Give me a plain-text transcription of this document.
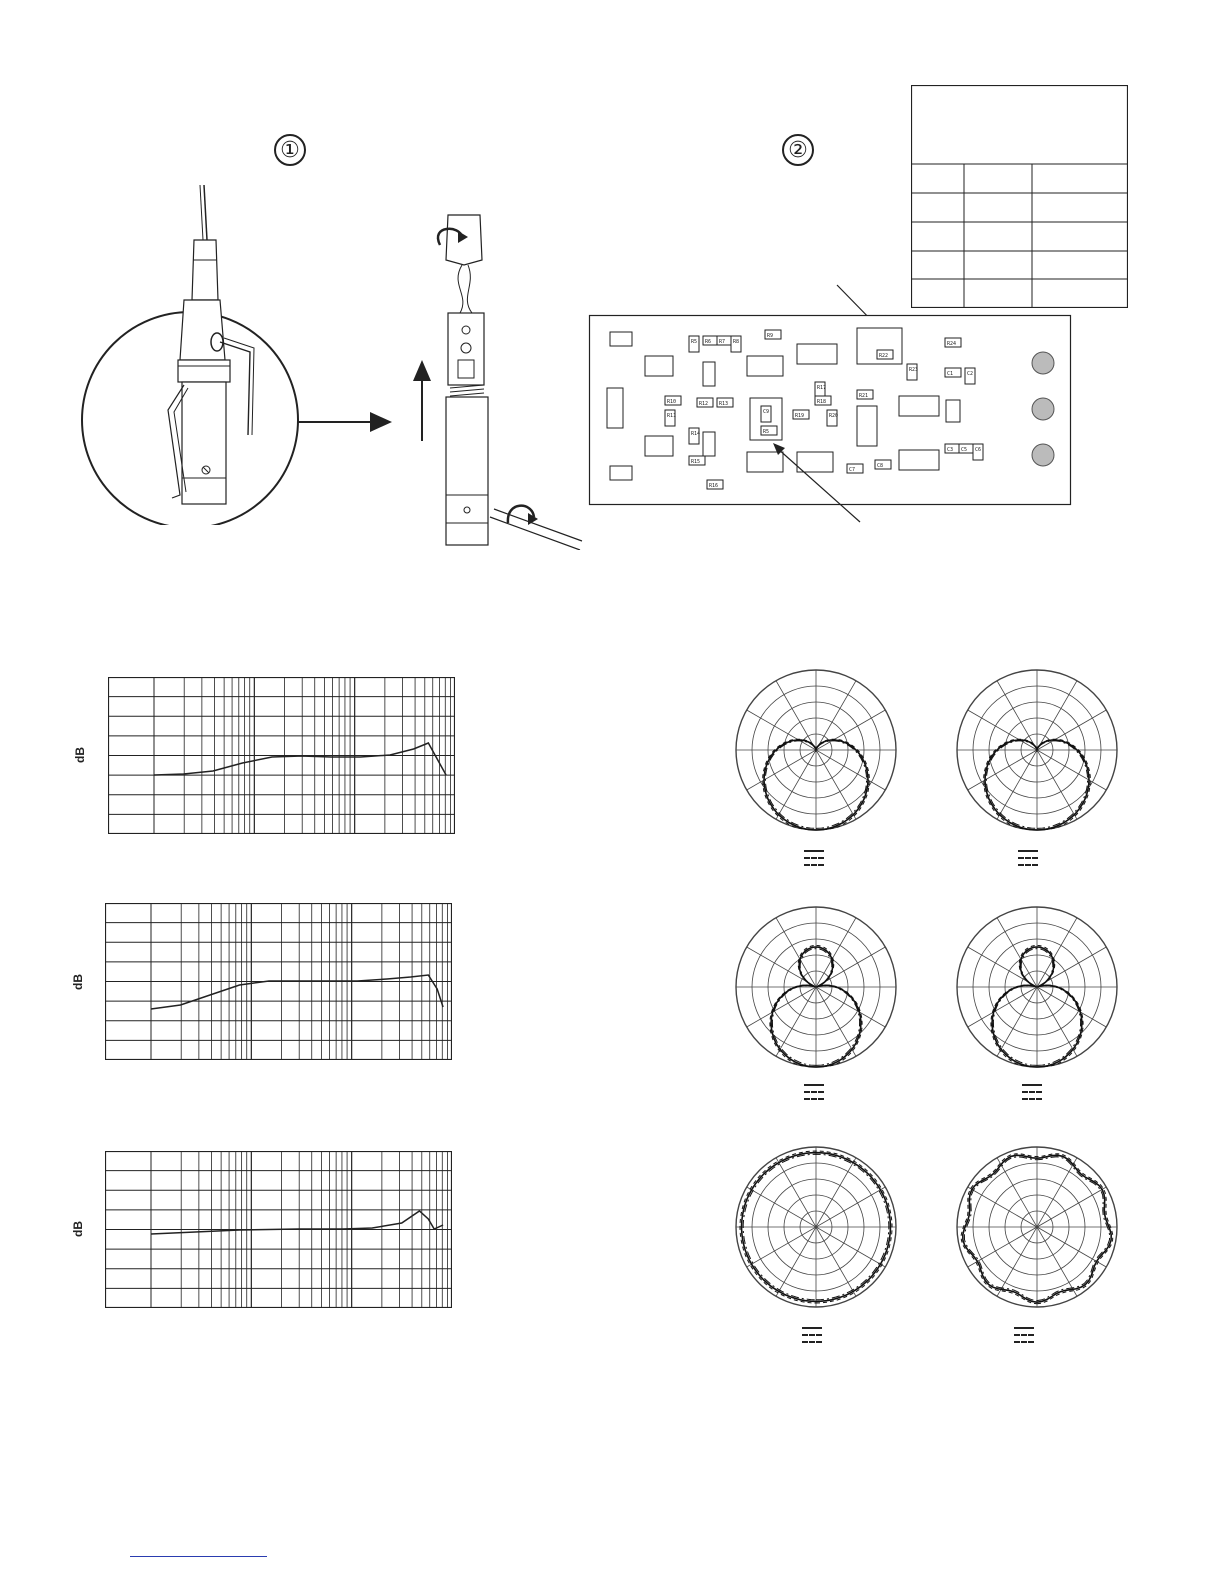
①	②
R5 R6 R7 R8
R9
R10
R11
R12 R13
R14
R15
R16
R17
R18
R19	R20
R21
R22
R23
R24
C1	C2
C3 C5 C6
C7
C8
C9
R5
dB
dB
dB
